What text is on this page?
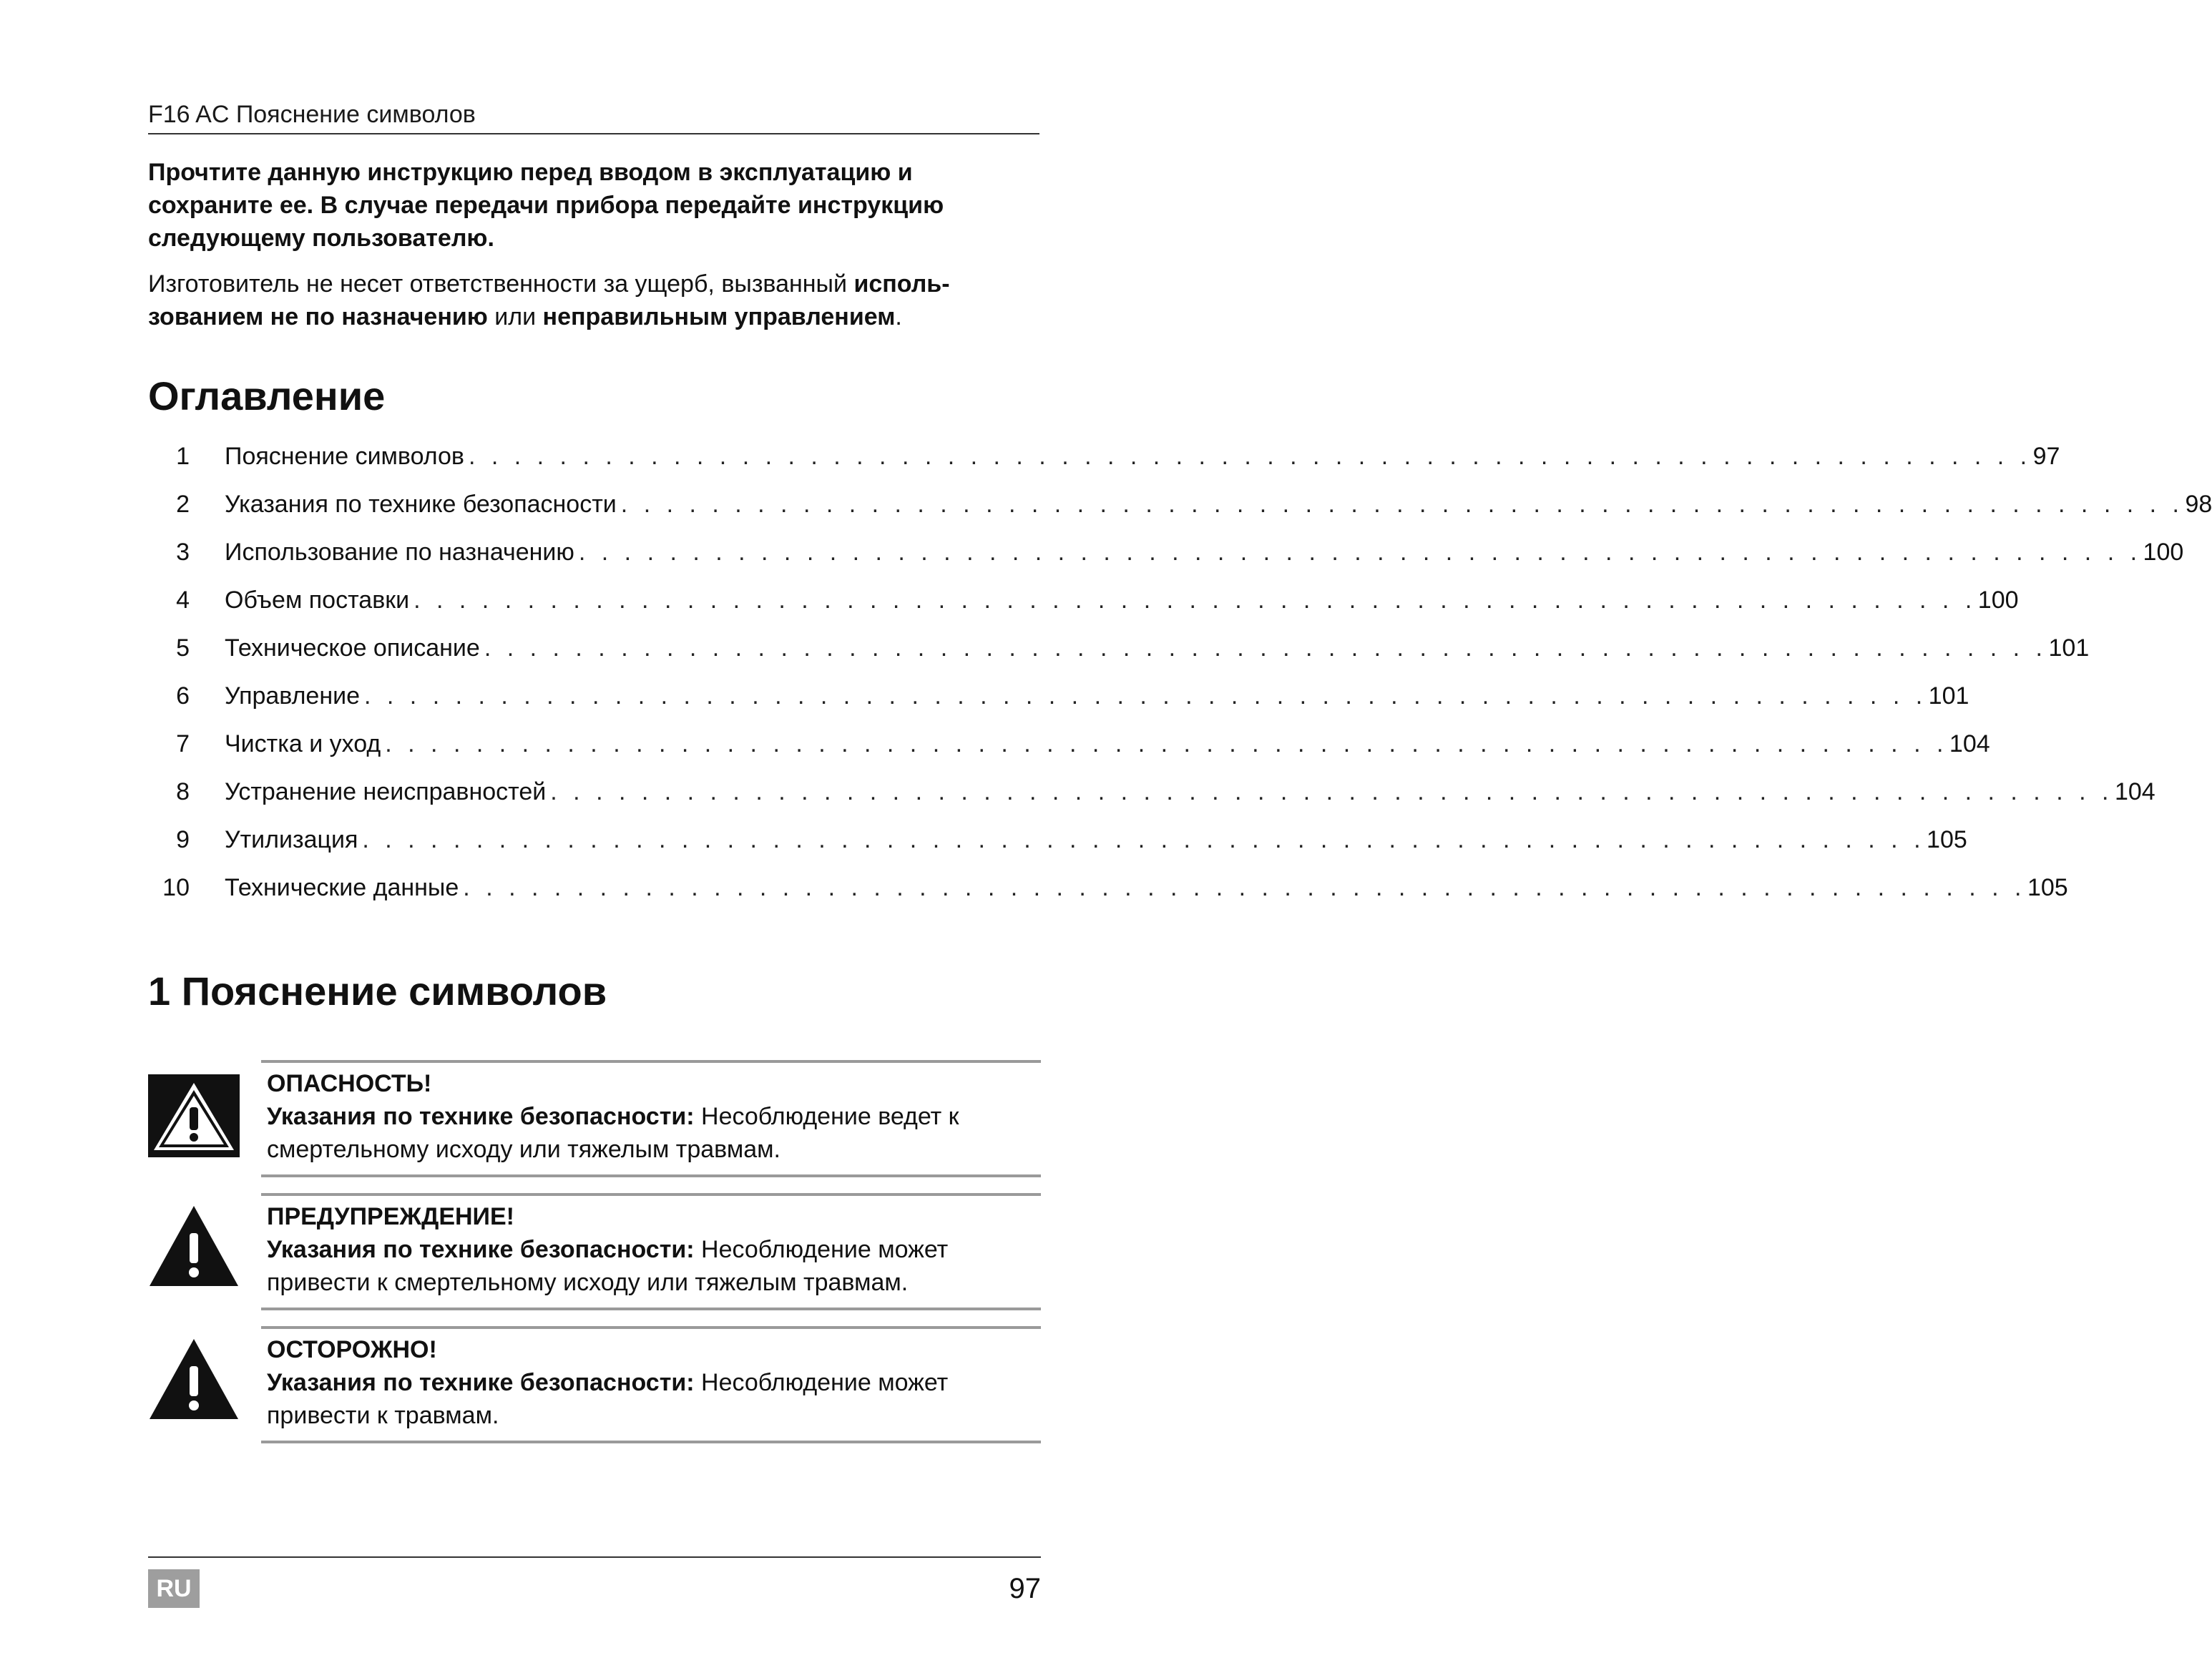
F16 AC Пояснение символов
Прочтите данную инструкцию перед вводом в эксплуатацию и
сохраните ее. В случае передачи прибора передайте инструкцию
следующему пользователю.
Изготовитель не несет ответственности за ущерб, вызванный исполь-
зованием не по назначению или неправильным управлением.
Оглавление
1 Пояснение символов . . . . . . . . . . . . . . . . . . . . . . . . . . . . . . . . . . . . . . . . . . . . . . . . . . . . . . . . . . . . . . . . . . . . . 97
2 Указания по технике безопасности . . . . . . . . . . . . . . . . . . . . . . . . . . . . . . . . . . . . . . . . . . . . . . . . . . . . . . . . . . . . . . . . . . . . . 98
3 Использование по назначению . . . . . . . . . . . . . . . . . . . . . . . . . . . . . . . . . . . . . . . . . . . . . . . . . . . . . . . . . . . . . . . . . . . . . 100
4 Объем поставки . . . . . . . . . . . . . . . . . . . . . . . . . . . . . . . . . . . . . . . . . . . . . . . . . . . . . . . . . . . . . . . . . . . . . 100
5 Техническое описание . . . . . . . . . . . . . . . . . . . . . . . . . . . . . . . . . . . . . . . . . . . . . . . . . . . . . . . . . . . . . . . . . . . . . 101
6 Управление . . . . . . . . . . . . . . . . . . . . . . . . . . . . . . . . . . . . . . . . . . . . . . . . . . . . . . . . . . . . . . . . . . . . . 101
7 Чистка и уход . . . . . . . . . . . . . . . . . . . . . . . . . . . . . . . . . . . . . . . . . . . . . . . . . . . . . . . . . . . . . . . . . . . . . 104
8 Устранение неисправностей . . . . . . . . . . . . . . . . . . . . . . . . . . . . . . . . . . . . . . . . . . . . . . . . . . . . . . . . . . . . . . . . . . . . . 104
9 Утилизация . . . . . . . . . . . . . . . . . . . . . . . . . . . . . . . . . . . . . . . . . . . . . . . . . . . . . . . . . . . . . . . . . . . . . 105
10 Технические данные . . . . . . . . . . . . . . . . . . . . . . . . . . . . . . . . . . . . . . . . . . . . . . . . . . . . . . . . . . . . . . . . . . . . . 105
1 Пояснение символов
ОПАСНОСТЬ!
Указания по технике безопасности: Несоблюдение ведет к
смертельному исходу или тяжелым травмам.
ПРЕДУПРЕЖДЕНИЕ!
Указания по технике безопасности: Несоблюдение может
привести к смертельному исходу или тяжелым травмам.
ОСТОРОЖНО!
Указания по технике безопасности: Несоблюдение может
привести к травмам.
RU	97
